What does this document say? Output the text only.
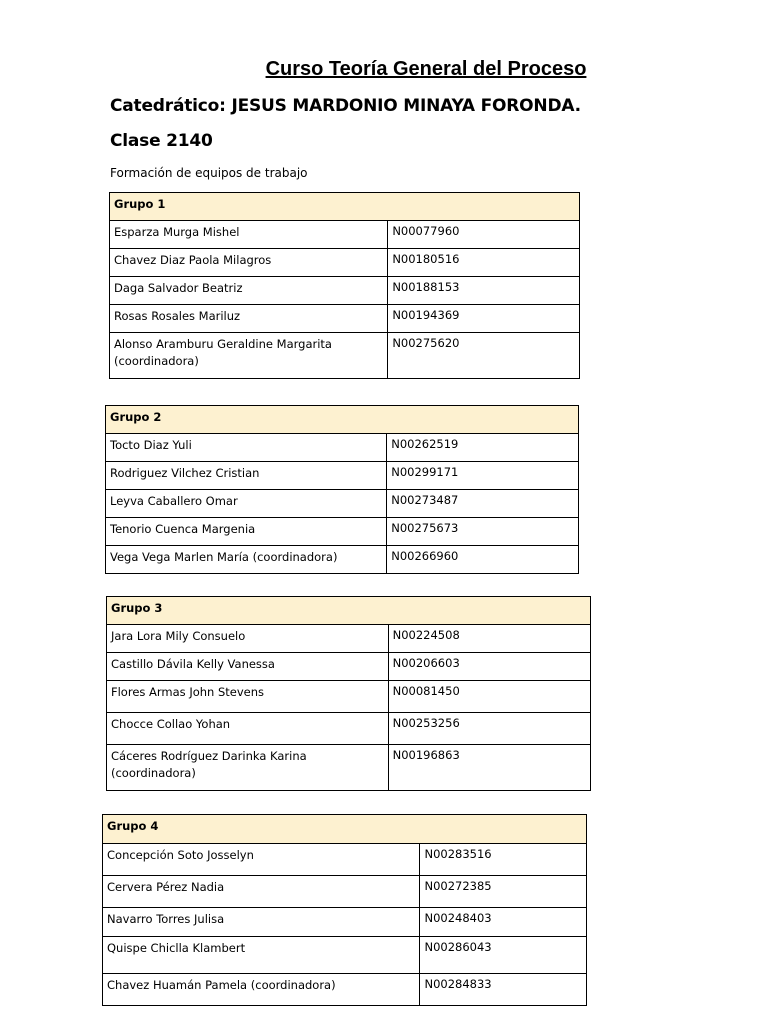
Curso Teoría General del Proceso

Catedrático: JESUS MARDONIO MINAYA FORONDA.

Clase 2140

Formación de equipos de trabajo
Grupo 1	
Esparza Murga Mishel	N00077960
Chavez Diaz Paola Milagros	N00180516
Daga Salvador Beatriz	N00188153
Rosas Rosales Mariluz	N00194369
Alonso Aramburu Geraldine Margarita
(coordinadora)	N00275620
Grupo 2	
Tocto Diaz Yuli	N00262519
Rodriguez Vilchez Cristian	N00299171
Leyva Caballero Omar	N00273487
Tenorio Cuenca Margenia	N00275673
Vega Vega Marlen María (coordinadora)	N00266960
Grupo 3	
Jara Lora Mily Consuelo	N00224508
Castillo Dávila Kelly Vanessa	N00206603
Flores Armas John Stevens	N00081450
Chocce Collao Yohan	N00253256
Cáceres Rodríguez Darinka Karina
(coordinadora)	N00196863
Grupo 4	
Concepción Soto Josselyn	N00283516
Cervera Pérez Nadia	N00272385
Navarro Torres Julisa	N00248403
Quispe Chiclla Klambert	N00286043
Chavez Huamán Pamela (coordinadora)	N00284833
